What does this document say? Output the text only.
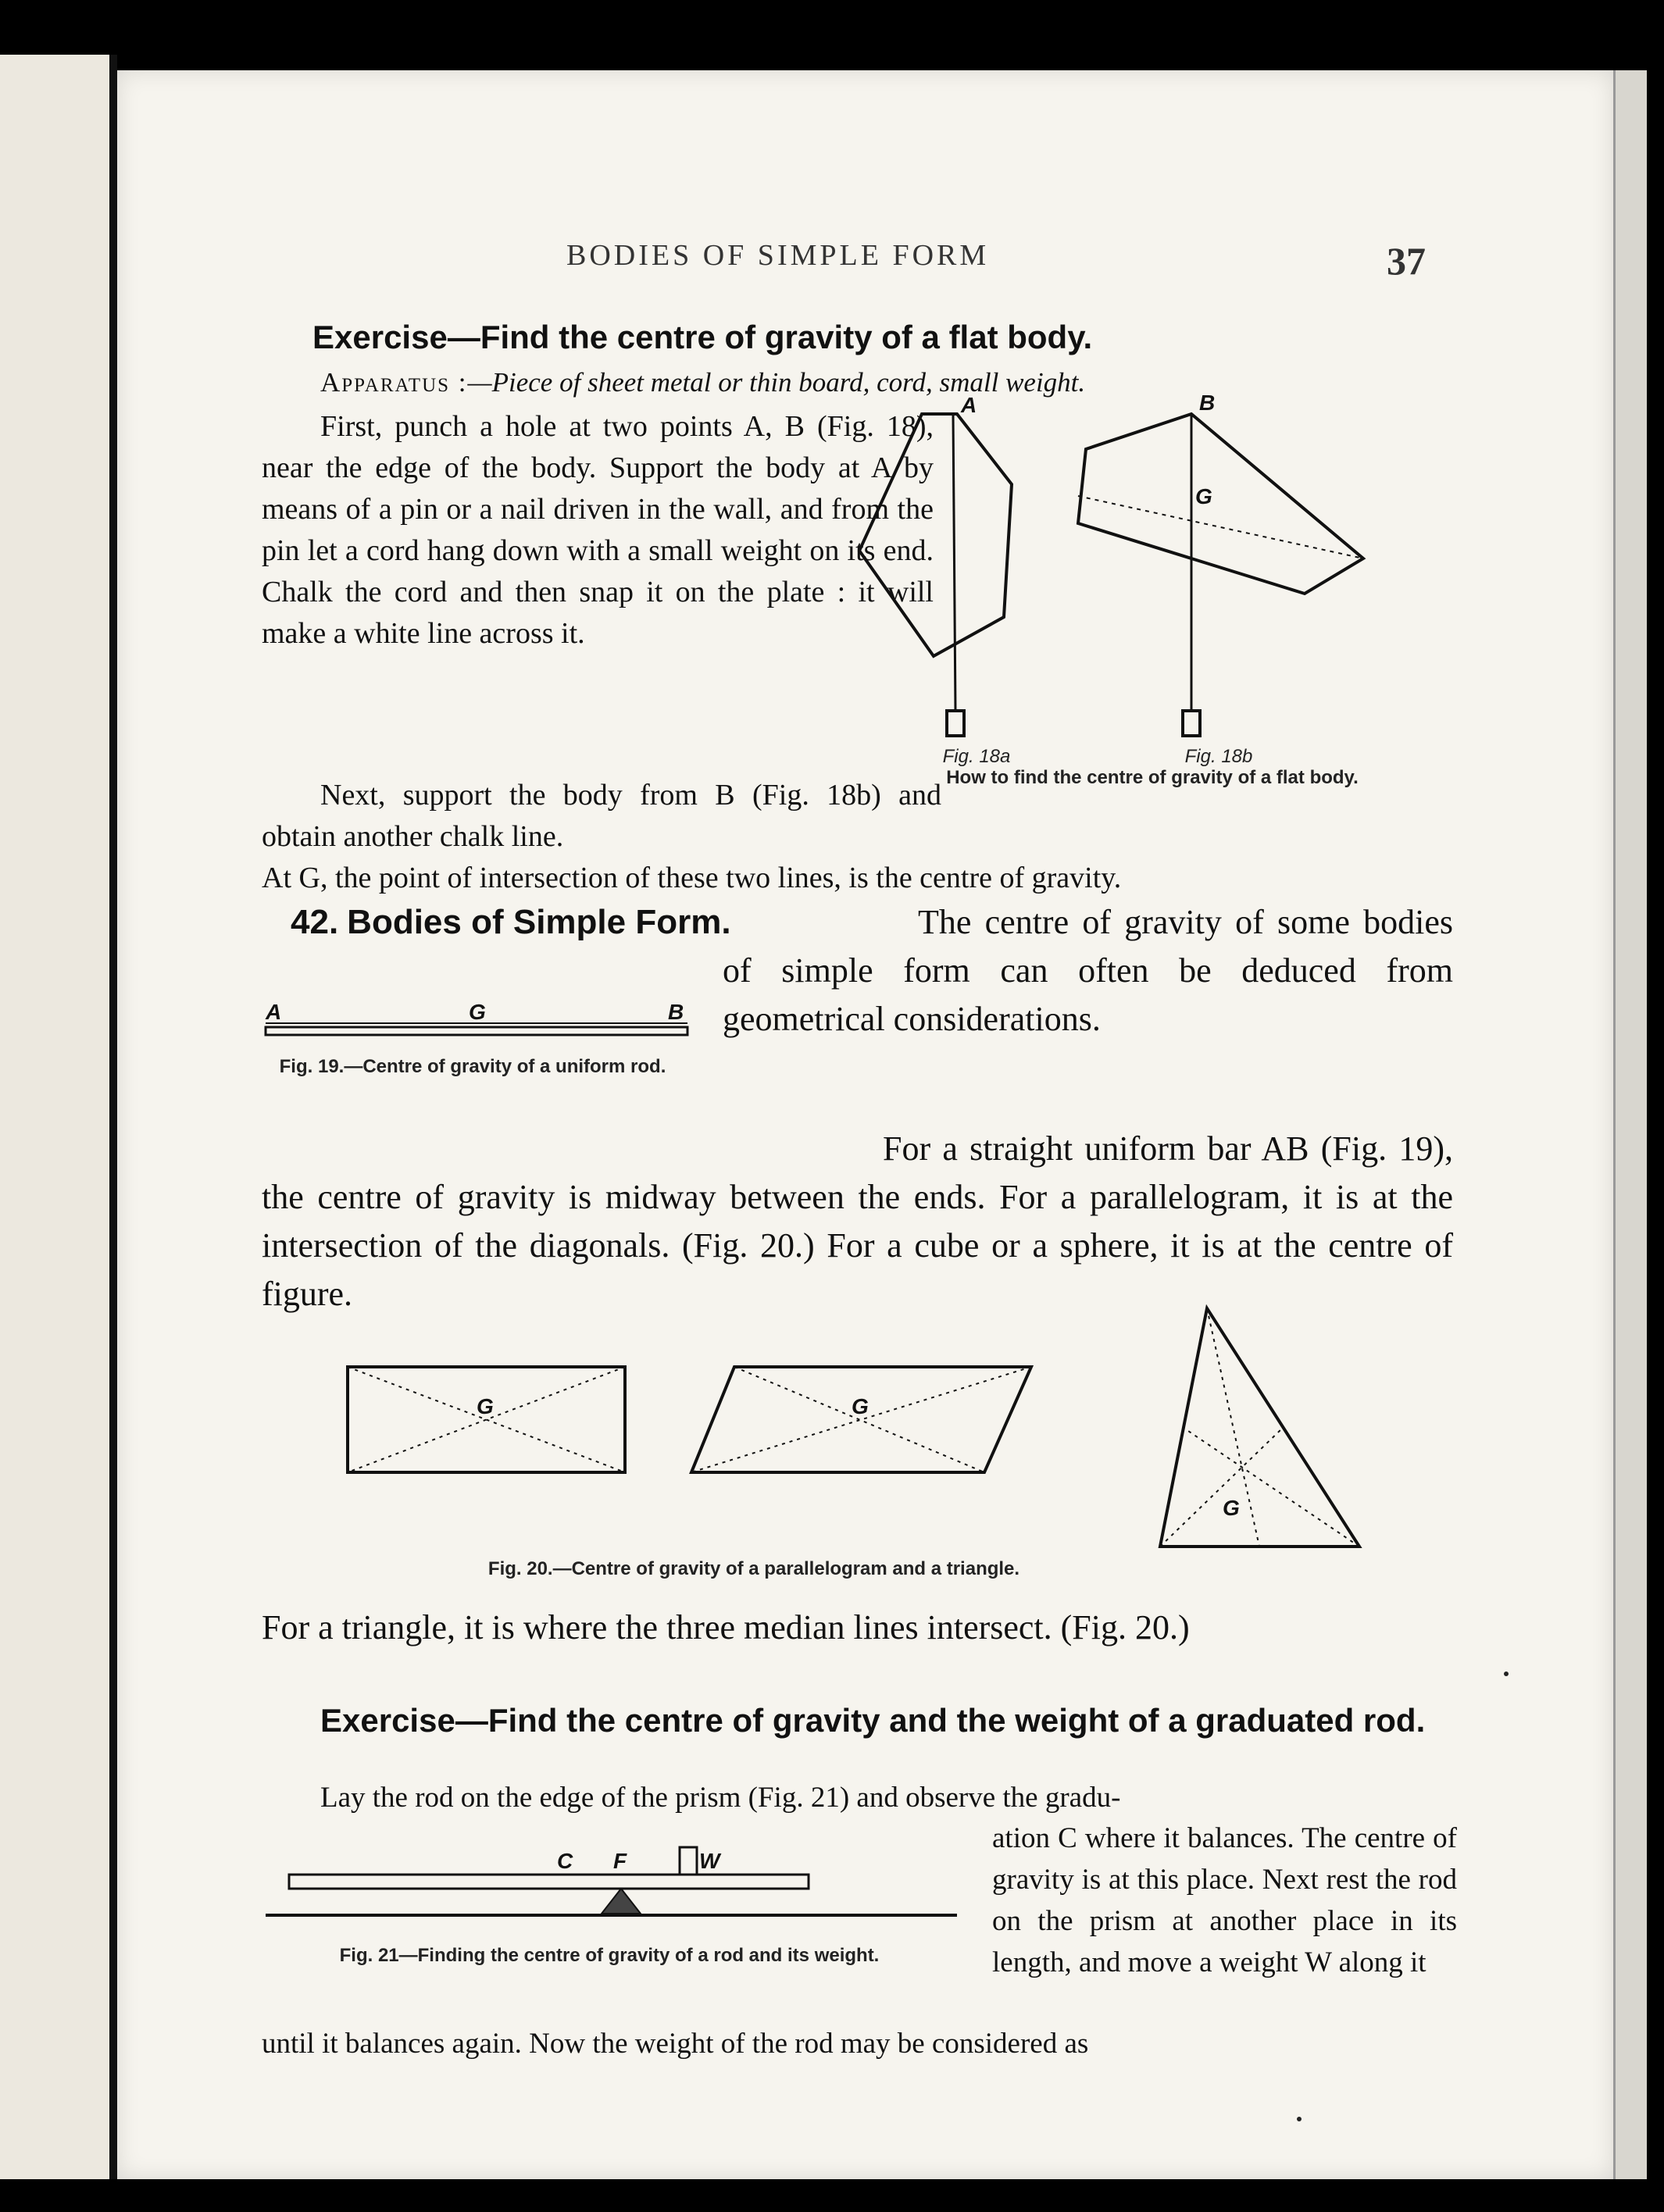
BODIES OF SIMPLE FORM	37
Exercise—Find the centre of gravity of a flat body.
Apparatus :—Piece of sheet metal or thin board, cord, small weight.

First, punch a hole at two points A, B (Fig. 18), near the edge of the body. Support the body at A by means of a pin or a nail driven in the wall, and from the pin let a cord hang down with a small weight on its end. Chalk the cord and then snap it on the plate : it will make a white line across it.

Next, support the body from B (Fig. 18b) and obtain another chalk line.

At G, the point of intersection of these two lines, is the centre of gravity.

A	B
G
Fig. 18a	Fig. 18b
How to find the centre of gravity of a flat body.
42. Bodies of Simple Form.	The centre of gravity of some bodies of simple form can often be deduced from geometrical considerations.

A	G	B
Fig. 19.—Centre of gravity of a uniform rod.

For a straight uniform bar AB (Fig. 19), the centre of gravity is midway between the ends. For a parallelogram, it is at the intersection of the diagonals. (Fig. 20.) For a cube or a sphere, it is at the centre of figure.

G	G
G
Fig. 20.—Centre of gravity of a parallelogram and a triangle.

For a triangle, it is where the three median lines intersect. (Fig. 20.)

Exercise—Find the centre of gravity and the weight of a graduated rod.

Lay the rod on the edge of the prism (Fig. 21) and observe the gradu-

C F	W
Fig. 21—Finding the centre of gravity of a rod and its weight.

ation C where it balances. The centre of gravity is at this place. Next rest the rod on the prism at another place in its length, and move a weight W along it

until it balances again. Now the weight of the rod may be considered as
